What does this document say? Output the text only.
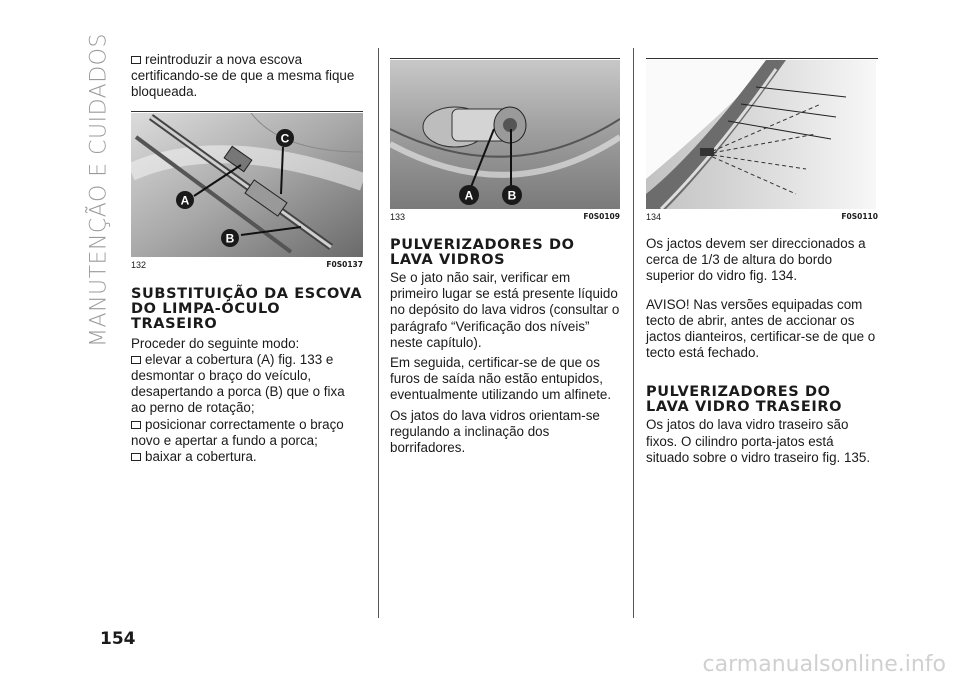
MANUTENÇÃO E CUIDADOS	reintroduzir a nova escova certificando-se de que a mesma fique bloqueada.

A
B
C
132	F0S0137
SUBSTITUIÇÃO DA ESCOVA DO LIMPA-ÓCULO TRASEIRO

Proceder do seguinte modo:

elevar a cobertura (A) fig. 133 e desmontar o braço do veículo, desapertando a porca (B) que o fixa ao perno de rotação;

posicionar correctamente o braço novo e apertar a fundo a porca;

baixar a cobertura.

A	B
133	F0S0109
PULVERIZADORES DO LAVA VIDROS

Se o jato não sair, verificar em primeiro lugar se está presente líquido no depósito do lava vidros (consultar o parágrafo “Verificação dos níveis” neste capítulo).

Em seguida, certificar-se de que os furos de saída não estão entupidos, eventualmente utilizando um alfinete.

Os jatos do lava vidros orientam-se regulando a inclinação dos borrifadores.

134	F0S0110

Os jactos devem ser direccionados a cerca de 1/3 de altura do bordo superior do vidro fig. 134.

AVISO! Nas versões equipadas com tecto de abrir, antes de accionar os jactos dianteiros, certificar-se de que o tecto está fechado.

PULVERIZADORES DO LAVA VIDRO TRASEIRO

Os jatos do lava vidro traseiro são fixos. O cilindro porta-jatos está situado sobre o vidro traseiro fig. 135.

154
carmanualsonline.info
